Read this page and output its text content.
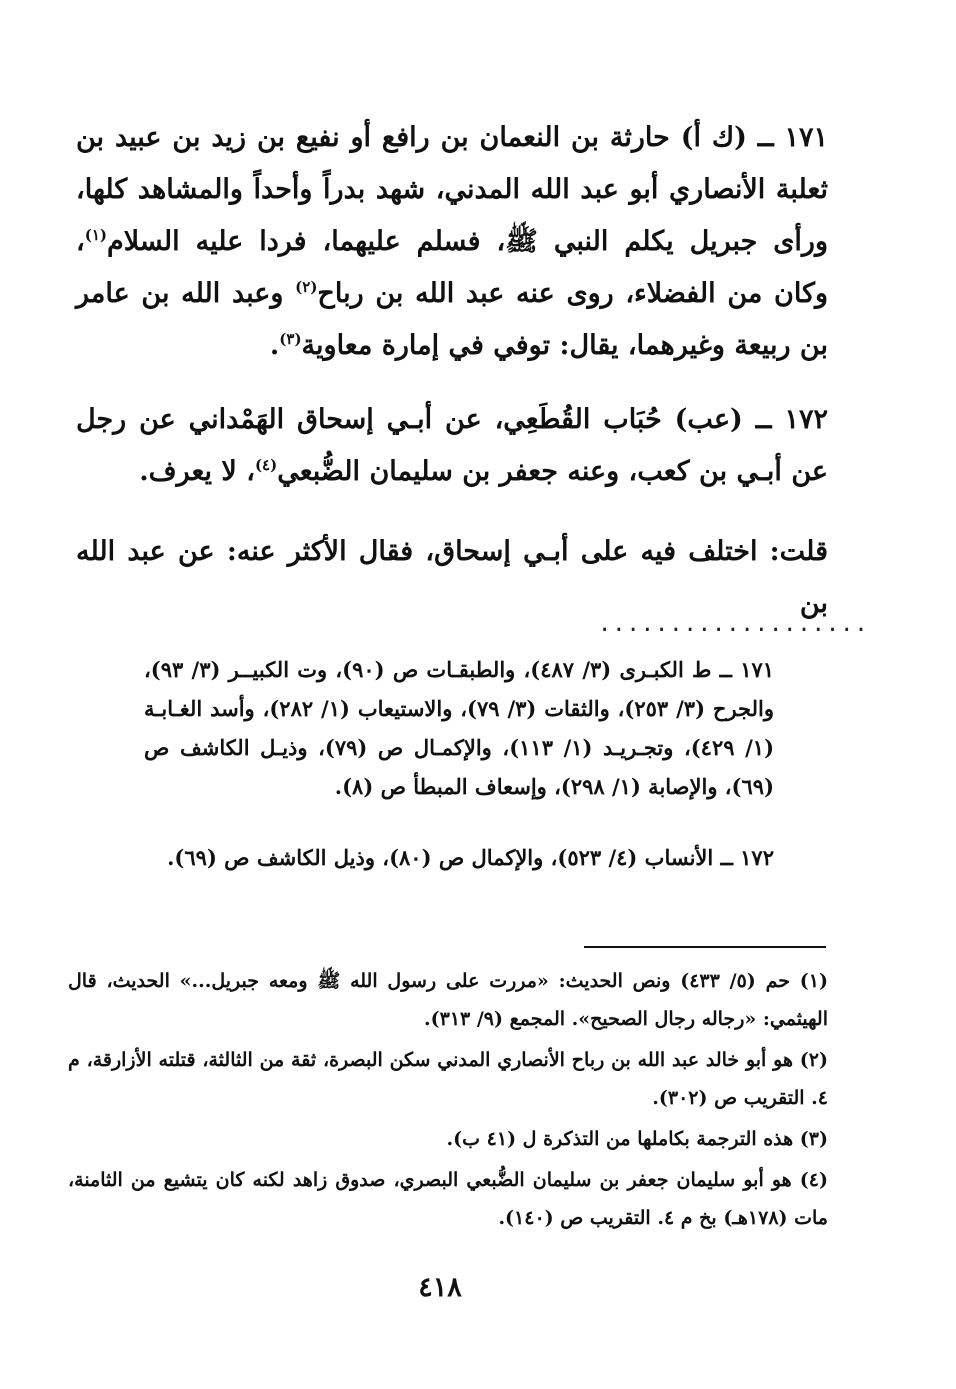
١٧١ ــ (ك أ) حارثة بن النعمان بن رافع أو نفيع بن زيد بن عبيد بن ثعلبة الأنصاري أبو عبد الله المدني، شهد بدراً وأحداً والمشاهد كلها، ورأى جبريل يكلم النبي ﷺ، فسلم عليهما، فردا عليه السلام$^{(١)}$، وكان من الفضلاء، روى عنه عبد الله بن رباح$^{(٢)}$ وعبد الله بن عامر بن ربيعة وغيرهما، يقال: توفي في إمارة معاوية$^{(٣)}$.
١٧٢ ــ (عب) حُبَاب القُطَعِي، عن أبـي إسحاق الهَمْداني عن رجل عن أبـي بن كعب، وعنه جعفر بن سليمان الضُّبعي$^{(٤)}$، لا يعرف.
قلت: اختلف فيه على أبـي إسحاق، فقال الأكثر عنه: عن عبد الله بن
...................
١٧١ ــ ط الكبـرى (٣/ ٤٨٧)، والطبقـات ص (٩٠)، وت الكبيــر (٣/ ٩٣)، والجرح (٣/ ٢٥٣)، والثقات (٣/ ٧٩)، والاستيعاب (١/ ٢٨٢)، وأسد الغـابـة (١/ ٤٢٩)، وتجـريـد (١/ ١١٣)، والإكمـال ص (٧٩)، وذيـل الكاشف ص (٦٩)، والإصابة (١/ ٢٩٨)، وإسعاف المبطأ ص (٨).
١٧٢ ــ الأنساب (٤/ ٥٢٣)، والإكمال ص (٨٠)، وذيل الكاشف ص (٦٩).
(١) حم (٥/ ٤٣٣) ونص الحديث: «مررت على رسول الله ﷺ ومعه جبريل...» الحديث، قال الهيثمي: «رجاله رجال الصحيح». المجمع (٩/ ٣١٣).
(٢) هو أبو خالد عبد الله بن رباح الأنصاري المدني سكن البصرة، ثقة من الثالثة، قتلته الأزارقة، م ٤. التقريب ص (٣٠٢).
(٣) هذه الترجمة بكاملها من التذكرة ل (٤١ ب).
(٤) هو أبو سليمان جعفر بن سليمان الضُّبعي البصري، صدوق زاهد لكنه كان يتشيع من الثامنة، مات (١٧٨هـ) بخ م ٤. التقريب ص (١٤٠).
٤١٨
